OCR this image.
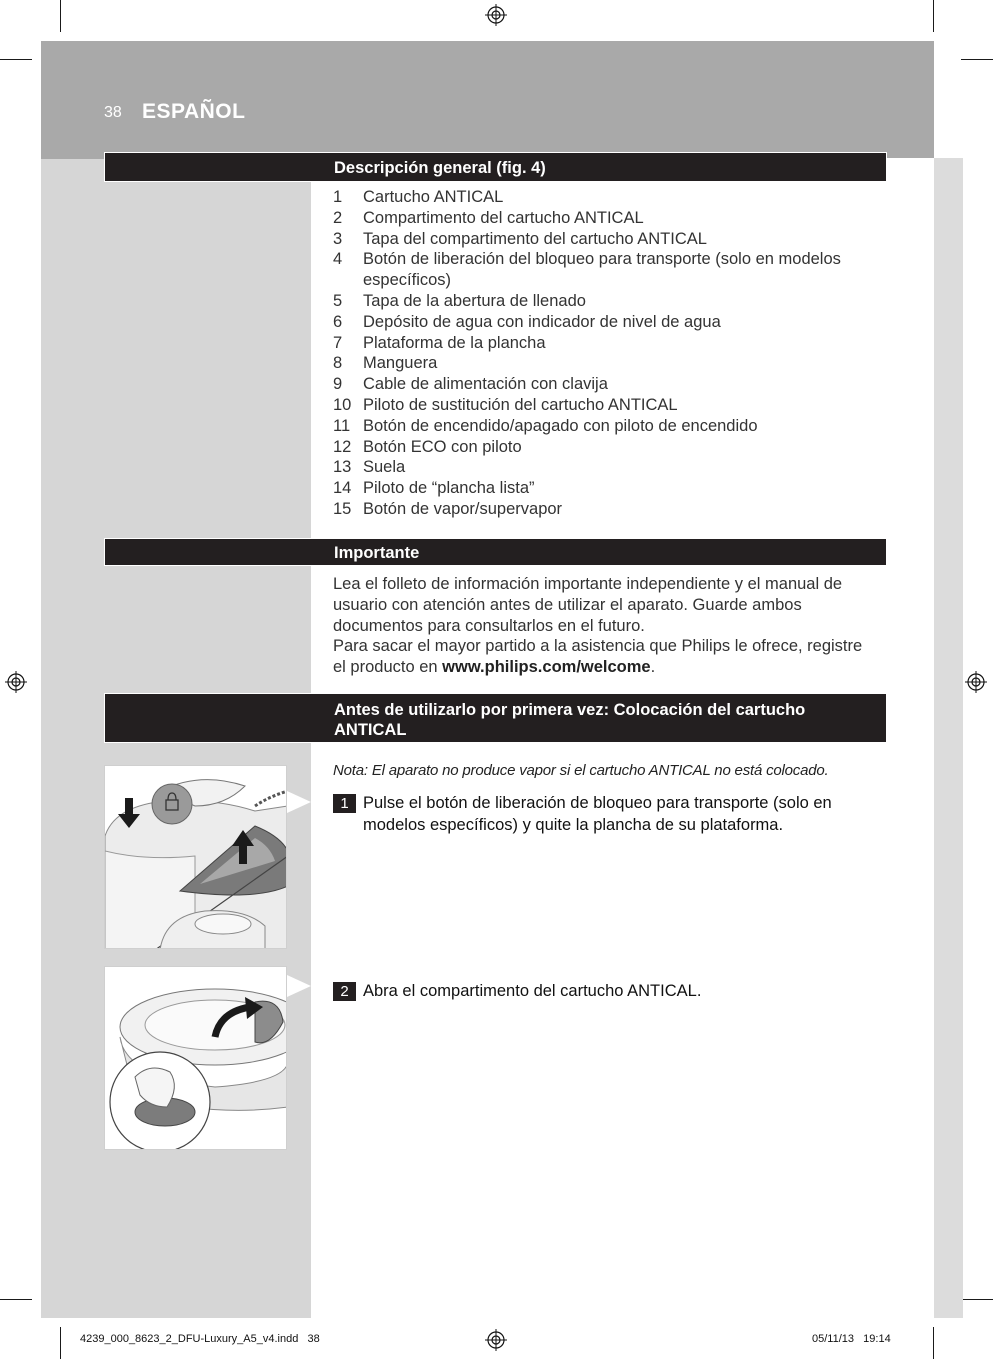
38 ESPAÑOL
Descripción general (fig. 4)
1 Cartucho ANTICAL
2 Compartimento del cartucho ANTICAL
3 Tapa del compartimento del cartucho ANTICAL
4 Botón de liberación del bloqueo para transporte (solo en modelos específicos)
5 Tapa de la abertura de llenado
6 Depósito de agua con indicador de nivel de agua
7 Plataforma de la plancha
8 Manguera
9 Cable de alimentación con clavija
10 Piloto de sustitución del cartucho ANTICAL
11 Botón de encendido/apagado con piloto de encendido
12 Botón ECO con piloto
13 Suela
14 Piloto de “plancha lista”
15 Botón de vapor/supervapor
Importante
Lea el folleto de información importante independiente y el manual de usuario con atención antes de utilizar el aparato. Guarde ambos documentos para consultarlos en el futuro.
Para sacar el mayor partido a la asistencia que Philips le ofrece, registre el producto en www.philips.com/welcome.
Antes de utilizarlo por primera vez: Colocación del cartucho ANTICAL
Nota: El aparato no produce vapor si el cartucho ANTICAL no está colocado.
1 Pulse el botón de liberación de bloqueo para transporte (solo en modelos específicos) y quite la plancha de su plataforma.
2 Abra el compartimento del cartucho ANTICAL.
4239_000_8623_2_DFU-Luxury_A5_v4.indd   38	05/11/13   19:14
